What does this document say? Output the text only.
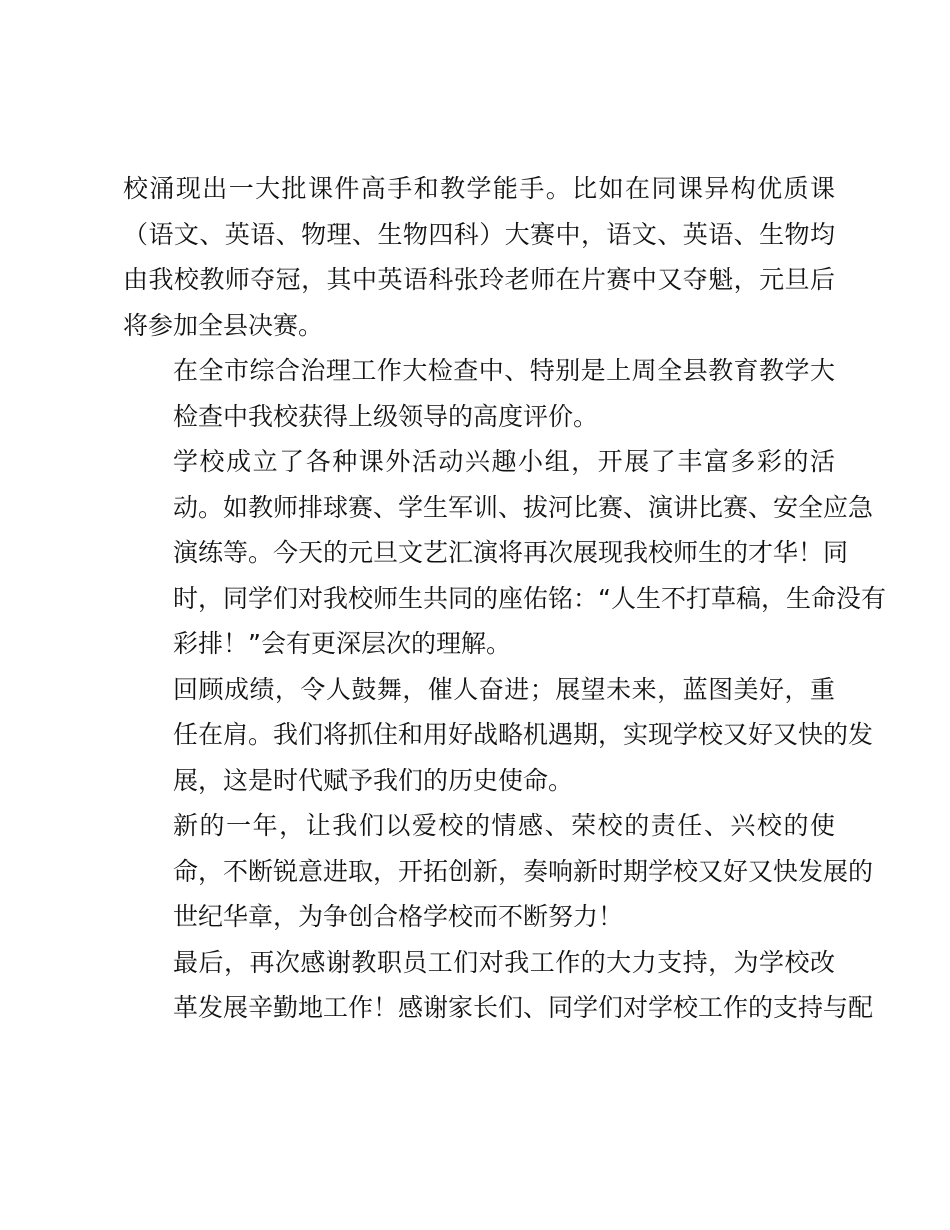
校涌现出一大批课件高手和教学能手。比如在同课异构优质课
（语文、英语、物理、生物四科）大赛中，语文、英语、生物均
由我校教师夺冠，其中英语科张玲老师在片赛中又夺魁，元旦后
将参加全县决赛。

在全市综合治理工作大检查中、特别是上周全县教育教学大
检查中我校获得上级领导的高度评价。

学校成立了各种课外活动兴趣小组，开展了丰富多彩的活
动。如教师排球赛、学生军训、拔河比赛、演讲比赛、安全应急
演练等。今天的元旦文艺汇演将再次展现我校师生的才华！同
时，同学们对我校师生共同的座佑铭：“人生不打草稿，生命没有
彩排！”会有更深层次的理解。

回顾成绩，令人鼓舞，催人奋进；展望未来，蓝图美好，重
任在肩。我们将抓住和用好战略机遇期，实现学校又好又快的发
展，这是时代赋予我们的历史使命。

新的一年，让我们以爱校的情感、荣校的责任、兴校的使
命，不断锐意进取，开拓创新，奏响新时期学校又好又快发展的
世纪华章，为争创合格学校而不断努力！

最后，再次感谢教职员工们对我工作的大力支持，为学校改
革发展辛勤地工作！感谢家长们、同学们对学校工作的支持与配
